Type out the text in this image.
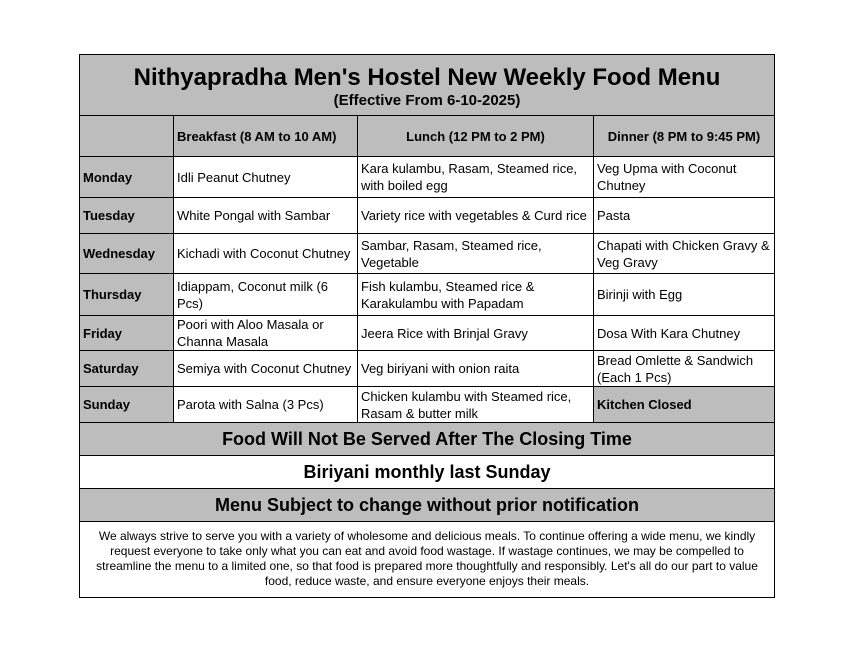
Nithyapradha Men's Hostel New Weekly Food Menu
(Effective From 6-10-2025)			

	Breakfast (8 AM to 10 AM)	Lunch (12 PM to 2 PM)	Dinner (8 PM to 9:45 PM)
Monday	Idli Peanut Chutney	Kara kulambu, Rasam, Steamed rice, with boiled egg	Veg Upma with Coconut Chutney
Tuesday	White Pongal with Sambar	Variety rice with vegetables & Curd rice	Pasta
Wednesday	Kichadi with Coconut Chutney	Sambar, Rasam, Steamed rice, Vegetable	Chapati with Chicken Gravy & Veg Gravy
Thursday	Idiappam, Coconut milk (6 Pcs)	Fish kulambu, Steamed rice & Karakulambu with Papadam	Birinji with Egg
Friday	Poori with Aloo Masala or Channa Masala	Jeera Rice with Brinjal Gravy	Dosa With Kara Chutney
Saturday	Semiya with Coconut Chutney	Veg biriyani with onion raita	Bread Omlette & Sandwich (Each 1 Pcs)
Sunday	Parota with Salna (3 Pcs)	Chicken kulambu with Steamed rice, Rasam & butter milk	Kitchen Closed
Food Will Not Be Served After The Closing Time			
Biriyani monthly last Sunday			
Menu Subject to change without prior notification			
We always strive to serve you with a variety of wholesome and delicious meals. To continue offering a wide menu, we kindly request everyone to take only what you can eat and avoid food wastage. If wastage continues, we may be compelled to streamline the menu to a limited one, so that food is prepared more thoughtfully and responsibly. Let's all do our part to value food, reduce waste, and ensure everyone enjoys their meals.			
